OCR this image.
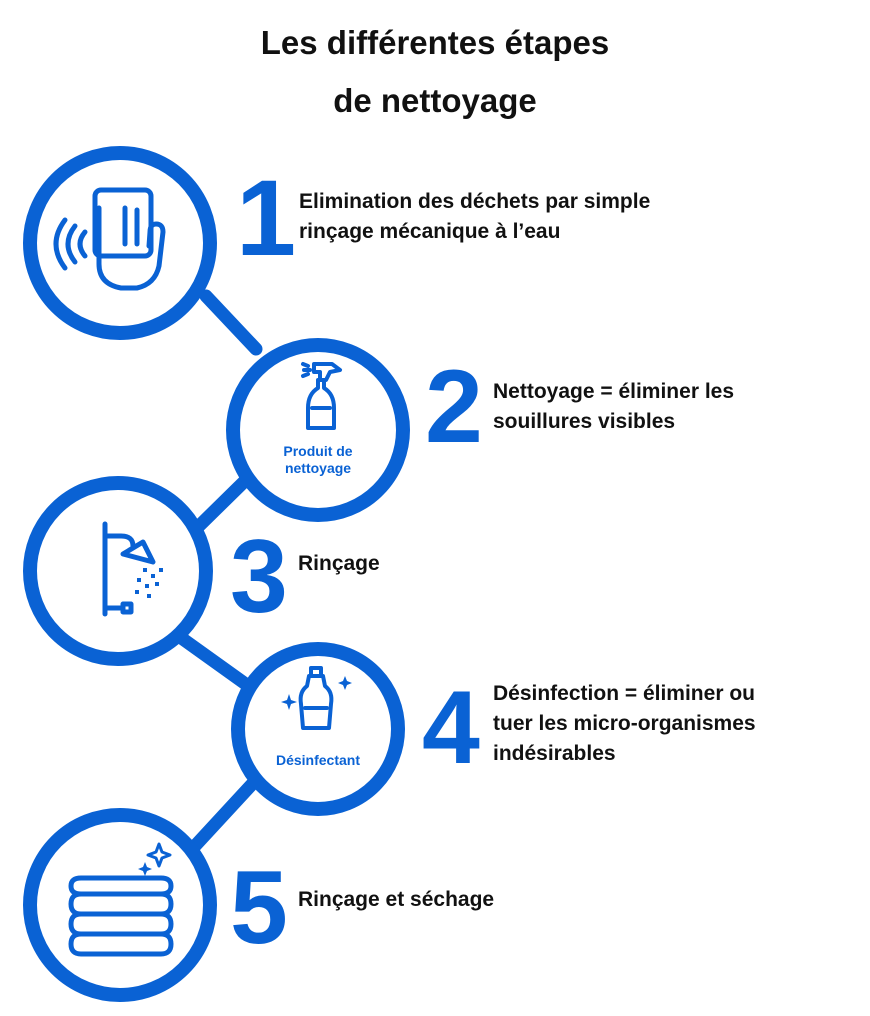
Les différentes étapes
de nettoyage
1 Elimination des déchets par simple
rinçage mécanique à l’eau
Produit de
nettoyage
2 Nettoyage = éliminer les
souillures visibles
3 Rinçage
Désinfectant 4 Désinfection = éliminer ou
tuer les micro-organismes
indésirables
5 Rinçage et séchage
